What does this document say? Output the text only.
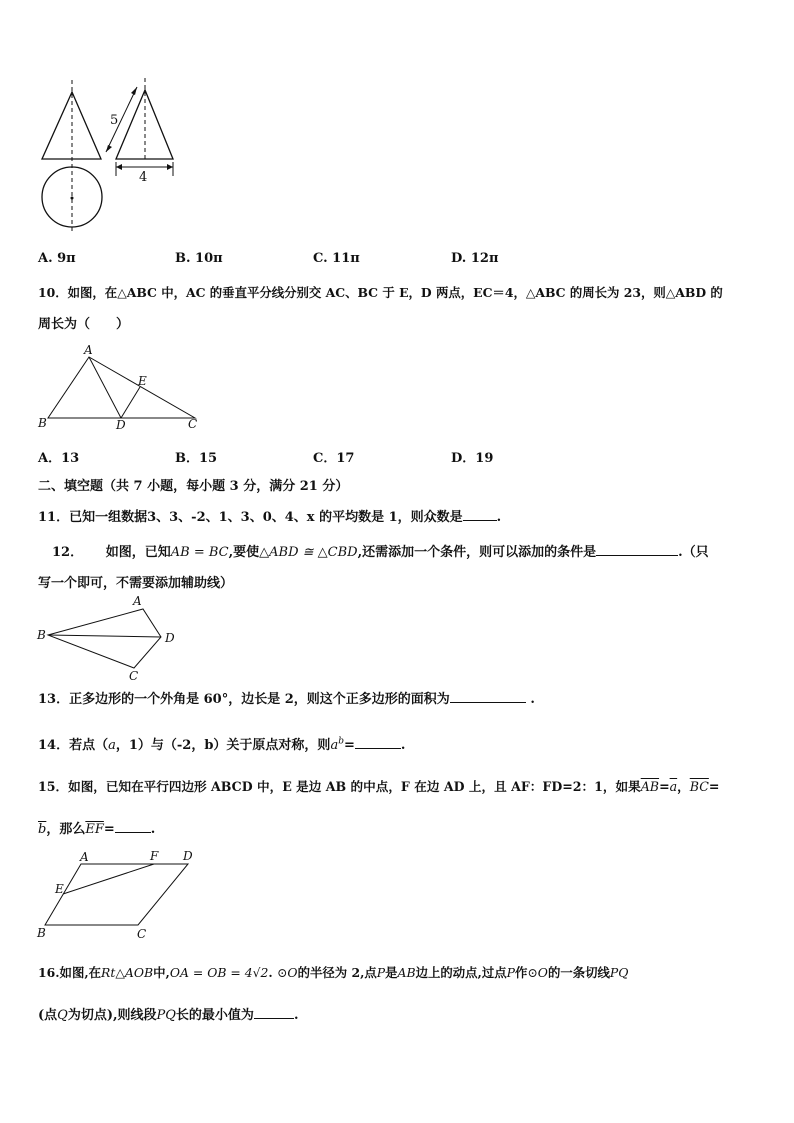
5
4
A. 9π	B. 10π	C. 11π	D. 12π
10．如图，在△ABC 中，AC 的垂直平分线分别交 AC、BC 于 E，D 两点，EC＝4，△ABC 的周长为 23，则△ABD 的
周长为（　　）
A
B	C
D
E
A．13	B．15	C．17	D．19
二、填空题（共 7 小题，每小题 3 分，满分 21 分）
11．已知一组数据3、3、-2、1、3、0、4、x 的平均数是 1，则众数是	.
12． 如图，已知AB = BC,要使△ABD ≅ △CBD,还需添加一个条件，则可以添加的条件是	.（只
写一个即可，不需要添加辅助线）
A
B
C
D
13．正多边形的一个外角是 60°，边长是 2，则这个正多边形的面积为	.
14．若点（a，1）与（-2，b）关于原点对称，则$a^b=$	.
15．如图，已知在平行四边形 ABCD 中，E 是边 AB 的中点，F 在边 AD 上，且 AF：FD=2：1，如果$\overline{AB}=\overline{a}$，$\overline{BC}=$
$\overline{b}$，那么$\overline{EF}=$	.
A
B	C
D
E
F
16.如图,在Rt△AOB中,OA = OB = 4√2. ⊙O的半径为 2,点P是AB边上的动点,过点P作⊙O的一条切线PQ
(点Q为切点),则线段PQ长的最小值为	.
